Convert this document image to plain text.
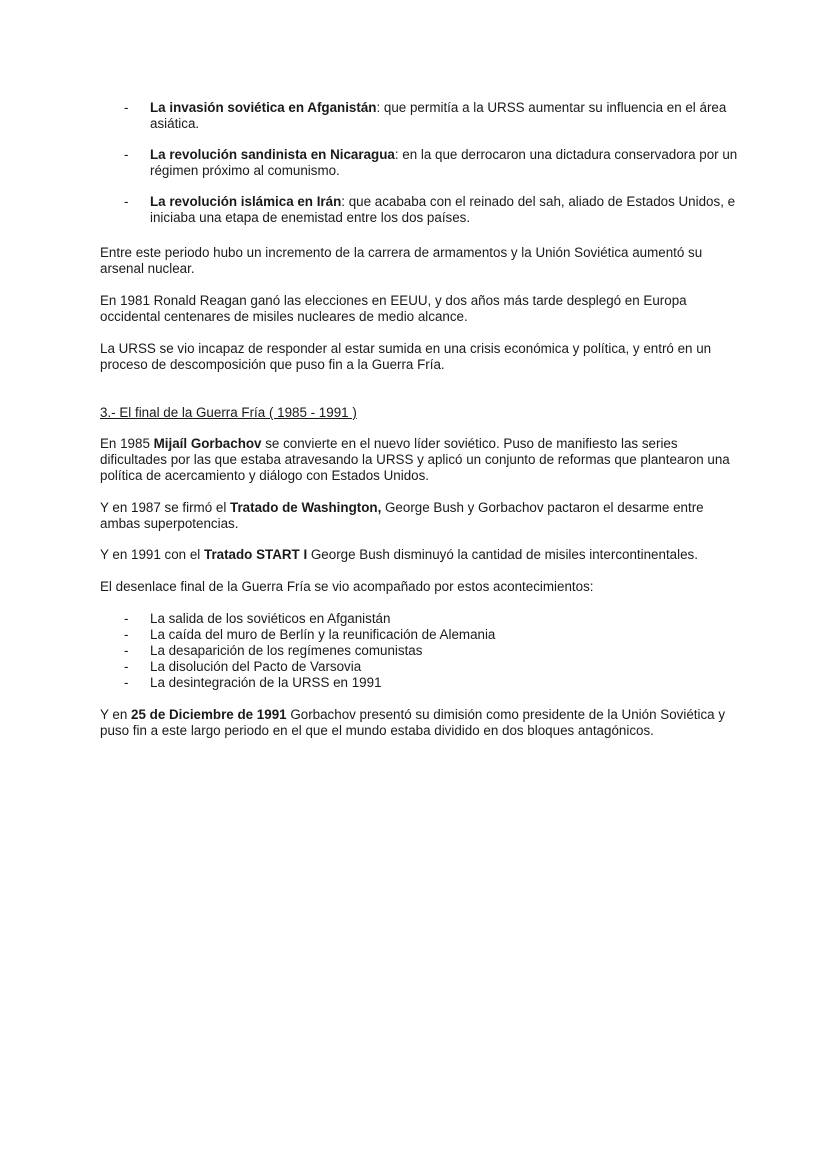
-	La invasión soviética en Afganistán: que permitía a la URSS aumentar su influencia en el área asiática.
-	La revolución sandinista en Nicaragua: en la que derrocaron una dictadura conservadora por un régimen próximo al comunismo.
-	La revolución islámica en Irán: que acababa con el reinado del sah, aliado de Estados Unidos, e iniciaba una etapa de enemistad entre los dos países.

Entre este periodo hubo un incremento de la carrera de armamentos y la Unión Soviética aumentó su arsenal nuclear.

En 1981 Ronald Reagan ganó las elecciones en EEUU, y dos años más tarde desplegó en Europa occidental centenares de misiles nucleares de medio alcance.

La URSS se vio incapaz de responder al estar sumida en una crisis económica y política, y entró en un proceso de descomposición que puso fin a la Guerra Fría.

3.- El final de la Guerra Fría ( 1985 - 1991 )

En 1985 Mijaíl Gorbachov se convierte en el nuevo líder soviético. Puso de manifiesto las series dificultades por las que estaba atravesando la URSS y aplicó un conjunto de reformas que plantearon una política de acercamiento y diálogo con Estados Unidos.

Y en 1987 se firmó el Tratado de Washington, George Bush y Gorbachov pactaron el desarme entre ambas superpotencias.

Y en 1991 con el Tratado START I George Bush disminuyó la cantidad de misiles intercontinentales.

El desenlace final de la Guerra Fría se vio acompañado por estos acontecimientos:

-	La salida de los soviéticos en Afganistán
-	La caída del muro de Berlín y la reunificación de Alemania
-	La desaparición de los regímenes comunistas
-	La disolución del Pacto de Varsovia
-	La desintegración de la URSS en 1991

Y en 25 de Diciembre de 1991 Gorbachov presentó su dimisión como presidente de la Unión Soviética y puso fin a este largo periodo en el que el mundo estaba dividido en dos bloques antagónicos.
